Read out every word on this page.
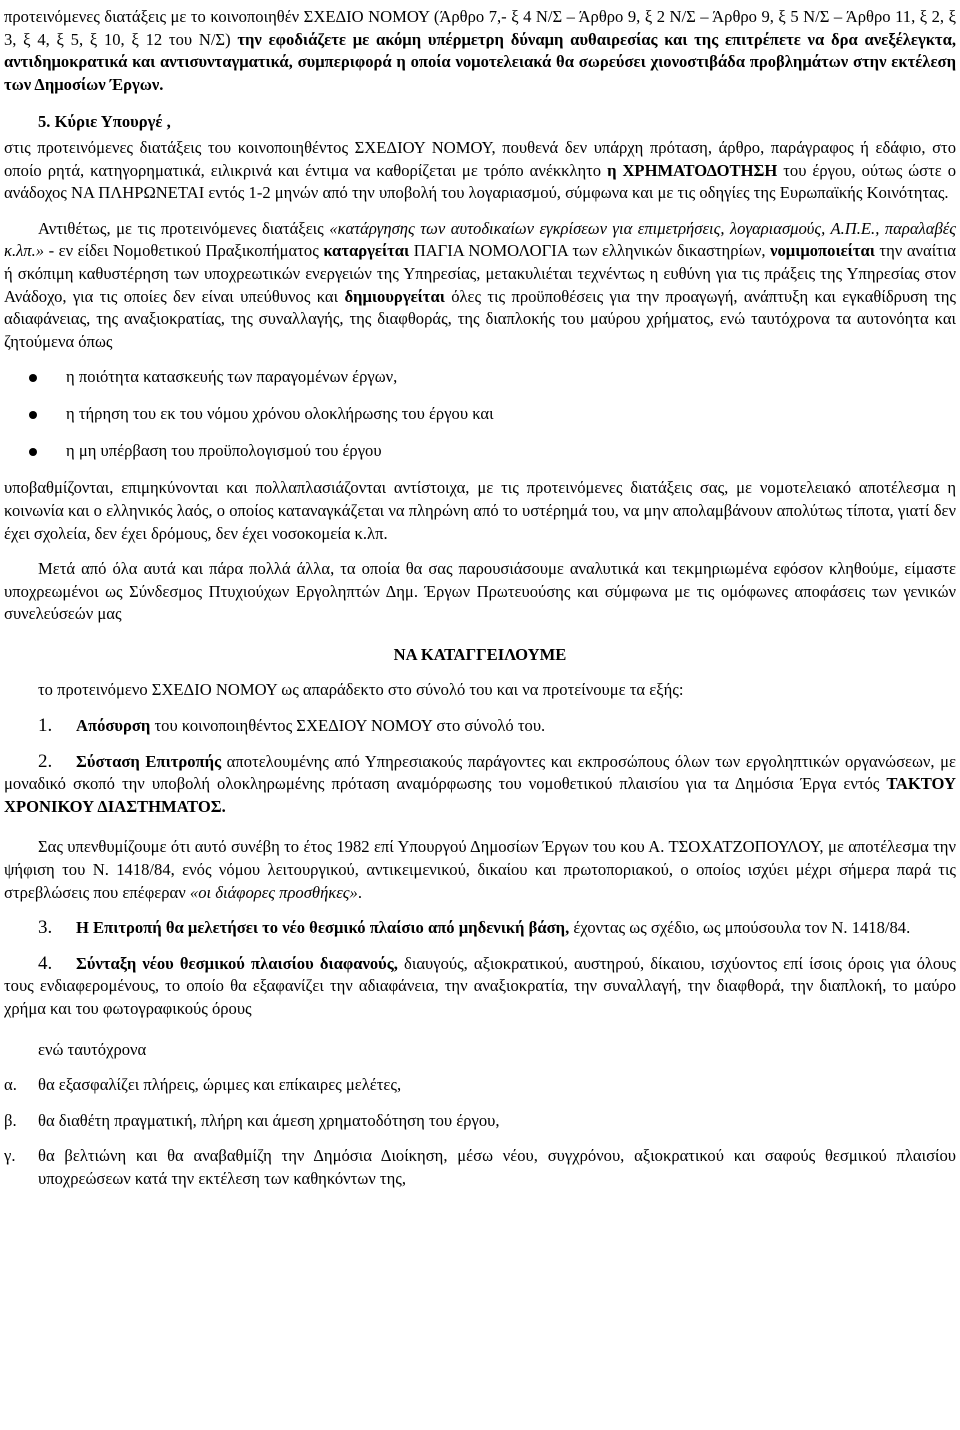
προτεινόμενες διατάξεις με το κοινοποιηθέν ΣΧΕΔΙΟ ΝΟΜΟΥ (Άρθρο 7,- ξ 4 Ν/Σ – Άρθρο 9, ξ 2 Ν/Σ – Άρθρο 9, ξ 5 Ν/Σ – Άρθρο 11, ξ 2, ξ 3, ξ 4, ξ 5, ξ 10, ξ 12 του Ν/Σ) την εφοδιάζετε με ακόμη υπέρμετρη δύναμη αυθαιρεσίας και της επιτρέπετε να δρα ανεξέλεγκτα, αντιδημοκρατικά και αντισυνταγματικά, συμπεριφορά η οποία νομοτελειακά θα σωρεύσει χιονοστιβάδα προβλημάτων στην εκτέλεση των Δημοσίων Έργων.

5. Κύριε Υπουργέ ,

στις προτεινόμενες διατάξεις του κοινοποιηθέντος ΣΧΕΔΙΟΥ ΝΟΜΟΥ, πουθενά δεν υπάρχη πρόταση, άρθρο, παράγραφος ή εδάφιο, στο οποίο ρητά, κατηγορηματικά, ειλικρινά και έντιμα να καθορίζεται με τρόπο ανέκκλητο η ΧΡΗΜΑΤΟΔΟΤΗΣΗ του έργου, ούτως ώστε ο ανάδοχος ΝΑ ΠΛΗΡΩΝΕΤΑΙ εντός 1-2 μηνών από την υποβολή του λογαριασμού, σύμφωνα και με τις οδηγίες της Ευρωπαϊκής Κοινότητας.

Αντιθέτως, με τις προτεινόμενες διατάξεις «κατάργησης των αυτοδικαίων εγκρίσεων για επιμετρήσεις, λογαριασμούς, Α.Π.Ε., παραλαβές κ.λπ.» - εν είδει Νομοθετικού Πραξικοπήματος καταργείται ΠΑΓΙΑ ΝΟΜΟΛΟΓΙΑ των ελληνικών δικαστηρίων, νομιμοποιείται την αναίτια ή σκόπιμη καθυστέρηση των υποχρεωτικών ενεργειών της Υπηρεσίας, μετακυλιέται τεχνέντως η ευθύνη για τις πράξεις της Υπηρεσίας στον Ανάδοχο, για τις οποίες δεν είναι υπεύθυνος και δημιουργείται όλες τις προϋποθέσεις για την προαγωγή, ανάπτυξη και εγκαθίδρυση της αδιαφάνειας, της αναξιοκρατίας, της συναλλαγής, της διαφθοράς, της διαπλοκής του μαύρου χρήματος, ενώ ταυτόχρονα τα αυτονόητα και ζητούμενα όπως

η ποιότητα κατασκευής των παραγομένων έργων,
η τήρηση του εκ του νόμου χρόνου ολοκλήρωσης του έργου και
η μη υπέρβαση του προϋπολογισμού του έργου

υποβαθμίζονται, επιμηκύνονται και πολλαπλασιάζονται αντίστοιχα, με τις προτεινόμενες διατάξεις σας, με νομοτελειακό αποτέλεσμα η κοινωνία και ο ελληνικός λαός, ο οποίος καταναγκάζεται να πληρώνη από το υστέρημά του, να μην απολαμβάνουν απολύτως τίποτα, γιατί δεν έχει σχολεία, δεν έχει δρόμους, δεν έχει νοσοκομεία κ.λπ.

Μετά από όλα αυτά και πάρα πολλά άλλα, τα οποία θα σας παρουσιάσουμε αναλυτικά και τεκμηριωμένα εφόσον κληθούμε, είμαστε υποχρεωμένοι ως Σύνδεσμος Πτυχιούχων Εργοληπτών Δημ. Έργων Πρωτευούσης και σύμφωνα με τις ομόφωνες αποφάσεις των γενικών συνελεύσεών μας

ΝΑ ΚΑΤΑΓΓΕΙΛΟΥΜΕ

το προτεινόμενο ΣΧΕΔΙΟ ΝΟΜΟΥ ως απαράδεκτο στο σύνολό του και να προτείνουμε τα εξής:

1. Απόσυρση του κοινοποιηθέντος ΣΧΕΔΙΟΥ ΝΟΜΟΥ στο σύνολό του.

2. Σύσταση Επιτροπής αποτελουμένης από Υπηρεσιακούς παράγοντες και εκπροσώπους όλων των εργοληπτικών οργανώσεων, με μοναδικό σκοπό την υποβολή ολοκληρωμένης πρόταση αναμόρφωσης του νομοθετικού πλαισίου για τα Δημόσια Έργα εντός ΤΑΚΤΟΥ ΧΡΟΝΙΚΟΥ ΔΙΑΣΤΗΜΑΤΟΣ.

Σας υπενθυμίζουμε ότι αυτό συνέβη το έτος 1982 επί Υπουργού Δημοσίων Έργων του κου Α. ΤΣΟΧΑΤΖΟΠΟΥΛΟΥ, με αποτέλεσμα την ψήφιση του Ν. 1418/84, ενός νόμου λειτουργικού, αντικειμενικού, δικαίου και πρωτοποριακού, ο οποίος ισχύει μέχρι σήμερα παρά τις στρεβλώσεις που επέφεραν «οι διάφορες προσθήκες».

3. Η Επιτροπή θα μελετήσει το νέο θεσμικό πλαίσιο από μηδενική βάση, έχοντας ως σχέδιο, ως μπούσουλα τον Ν. 1418/84.

4. Σύνταξη νέου θεσμικού πλαισίου διαφανούς, διαυγούς, αξιοκρατικού, αυστηρού, δίκαιου, ισχύοντος επί ίσοις όροις για όλους τους ενδιαφερομένους, το οποίο θα εξαφανίζει την αδιαφάνεια, την αναξιοκρατία, την συναλλαγή, την διαφθορά, την διαπλοκή, το μαύρο χρήμα και του φωτογραφικούς όρους

ενώ ταυτόχρονα

α. θα εξασφαλίζει πλήρεις, ώριμες και επίκαιρες μελέτες,
β. θα διαθέτη πραγματική, πλήρη και άμεση χρηματοδότηση του έργου,
γ. θα βελτιώνη και θα αναβαθμίζη την Δημόσια Διοίκηση, μέσω νέου, συγχρόνου, αξιοκρατικού και σαφούς θεσμικού πλαισίου υποχρεώσεων κατά την εκτέλεση των καθηκόντων της,
